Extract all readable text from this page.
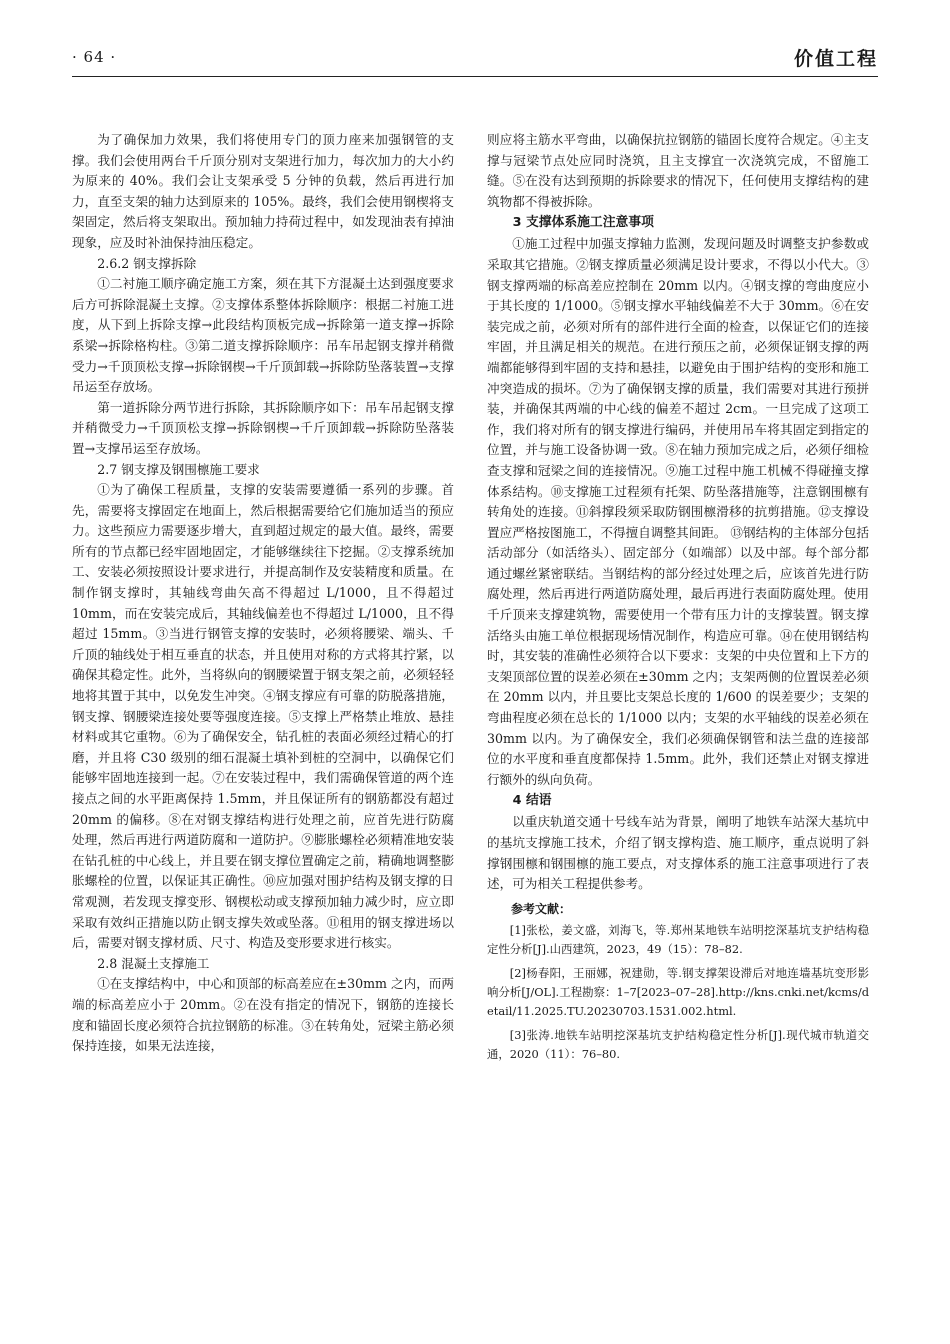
· 64 ·	价值工程

为了确保加力效果，我们将使用专门的顶力座来加强钢管的支撑。我们会使用两台千斤顶分别对支架进行加力，每次加力的大小约为原来的 40%。我们会让支架承受 5 分钟的负载，然后再进行加力，直至支架的轴力达到原来的 105%。最终，我们会使用钢楔将支架固定，然后将支架取出。预加轴力持荷过程中，如发现油表有掉油现象，应及时补油保持油压稳定。

2.6.2 钢支撑拆除

①二衬施工顺序确定施工方案，须在其下方混凝土达到强度要求后方可拆除混凝土支撑。②支撑体系整体拆除顺序：根据二衬施工进度，从下到上拆除支撑→此段结构顶板完成→拆除第一道支撑→拆除系梁→拆除格构柱。③第二道支撑拆除顺序：吊车吊起钢支撑并稍微受力→千顶顶松支撑→拆除钢楔→千斤顶卸载→拆除防坠落装置→支撑吊运至存放场。

第一道拆除分两节进行拆除，其拆除顺序如下：吊车吊起钢支撑并稍微受力→千顶顶松支撑→拆除钢楔→千斤顶卸载→拆除防坠落装置→支撑吊运至存放场。

2.7 钢支撑及钢围檩施工要求

①为了确保工程质量，支撑的安装需要遵循一系列的步骤。首先，需要将支撑固定在地面上，然后根据需要给它们施加适当的预应力。这些预应力需要逐步增大，直到超过规定的最大值。最终，需要所有的节点都已经牢固地固定，才能够继续往下挖掘。②支撑系统加工、安装必须按照设计要求进行，并提高制作及安装精度和质量。在制作钢支撑时，其轴线弯曲矢高不得超过 L/1000，且不得超过 10mm，而在安装完成后，其轴线偏差也不得超过 L/1000，且不得超过 15mm。③当进行钢管支撑的安装时，必须将腰梁、端头、千斤顶的轴线处于相互垂直的状态，并且使用对称的方式将其拧紧，以确保其稳定性。此外，当将纵向的钢腰梁置于钢支架之前，必须轻轻地将其置于其中，以免发生冲突。④钢支撑应有可靠的防脱落措施，钢支撑、钢腰梁连接处要等强度连接。⑤支撑上严格禁止堆放、悬挂材料或其它重物。⑥为了确保安全，钻孔桩的表面必须经过精心的打磨，并且将 C30 级别的细石混凝土填补到桩的空洞中，以确保它们能够牢固地连接到一起。⑦在安装过程中，我们需确保管道的两个连接点之间的水平距离保持 1.5mm，并且保证所有的钢筋都没有超过 20mm 的偏移。⑧在对钢支撑结构进行处理之前，应首先进行防腐处理，然后再进行两道防腐和一道防护。⑨膨胀螺栓必须精准地安装在钻孔桩的中心线上，并且要在钢支撑位置确定之前，精确地调整膨胀螺栓的位置，以保证其正确性。⑩应加强对围护结构及钢支撑的日常观测，若发现支撑变形、钢楔松动或支撑预加轴力减少时，应立即采取有效纠正措施以防止钢支撑失效或坠落。⑪租用的钢支撑进场以后，需要对钢支撑材质、尺寸、构造及变形要求进行核实。

2.8 混凝土支撑施工

①在支撑结构中，中心和顶部的标高差应在±30mm 之内，而两端的标高差应小于 20mm。②在没有指定的情况下，钢筋的连接长度和锚固长度必须符合抗拉钢筋的标准。③在转角处，冠梁主筋必须保持连接，如果无法连接，

则应将主筋水平弯曲，以确保抗拉钢筋的锚固长度符合规定。④主支撑与冠梁节点处应同时浇筑，且主支撑宜一次浇筑完成，不留施工缝。⑤在没有达到预期的拆除要求的情况下，任何使用支撑结构的建筑物都不得被拆除。

3 支撑体系施工注意事项

①施工过程中加强支撑轴力监测，发现问题及时调整支护参数或采取其它措施。②钢支撑质量必须满足设计要求，不得以小代大。③钢支撑两端的标高差应控制在 20mm 以内。④钢支撑的弯曲度应小于其长度的 1/1000。⑤钢支撑水平轴线偏差不大于 30mm。⑥在安装完成之前，必须对所有的部件进行全面的检查，以保证它们的连接牢固，并且满足相关的规范。在进行预压之前，必须保证钢支撑的两端都能够得到牢固的支持和悬挂，以避免由于围护结构的变形和施工冲突造成的损坏。⑦为了确保钢支撑的质量，我们需要对其进行预拼装，并确保其两端的中心线的偏差不超过 2cm。一旦完成了这项工作，我们将对所有的钢支撑进行编码，并使用吊车将其固定到指定的位置，并与施工设备协调一致。⑧在轴力预加完成之后，必须仔细检查支撑和冠梁之间的连接情况。⑨施工过程中施工机械不得碰撞支撑体系结构。⑩支撑施工过程须有托架、防坠落措施等，注意钢围檩有转角处的连接。⑪斜撑段须采取防钢围檩滑移的抗剪措施。⑫支撑设置应严格按图施工，不得擅自调整其间距。 ⑬钢结构的主体部分包括活动部分（如活络头）、固定部分（如端部）以及中部。每个部分都通过螺丝紧密联结。当钢结构的部分经过处理之后，应该首先进行防腐处理，然后再进行两道防腐处理，最后再进行表面防腐处理。使用千斤顶来支撑建筑物，需要使用一个带有压力计的支撑装置。钢支撑活络头由施工单位根据现场情况制作，构造应可靠。⑭在使用钢结构时，其安装的准确性必须符合以下要求：支架的中央位置和上下方的支架顶部位置的误差必须在±30mm 之内；支架两侧的位置误差必须在 20mm 以内，并且要比支架总长度的 1/600 的误差要少；支架的弯曲程度必须在总长的 1/1000 以内；支架的水平轴线的误差必须在 30mm 以内。为了确保安全，我们必须确保钢管和法兰盘的连接部位的水平度和垂直度都保持 1.5mm。此外，我们还禁止对钢支撑进行额外的纵向负荷。

4 结语

以重庆轨道交通十号线车站为背景，阐明了地铁车站深大基坑中的基坑支撑施工技术，介绍了钢支撑构造、施工顺序，重点说明了斜撑钢围檩和钢围檩的施工要点，对支撑体系的施工注意事项进行了表述，可为相关工程提供参考。

参考文献：
[1]张松，姜文盛，刘海飞，等.郑州某地铁车站明挖深基坑支护结构稳定性分析[J].山西建筑，2023，49（15）：78–82.
[2]杨春阳，王丽娜，祝建勋，等.钢支撑架设滞后对地连墙基坑变形影响分析[J/OL].工程勘察：1–7[2023–07–28].http://kns.cnki.net/kcms/detail/11.2025.TU.20230703.1531.002.html.
[3]张涛.地铁车站明挖深基坑支护结构稳定性分析[J].现代城市轨道交通，2020（11）：76–80.
